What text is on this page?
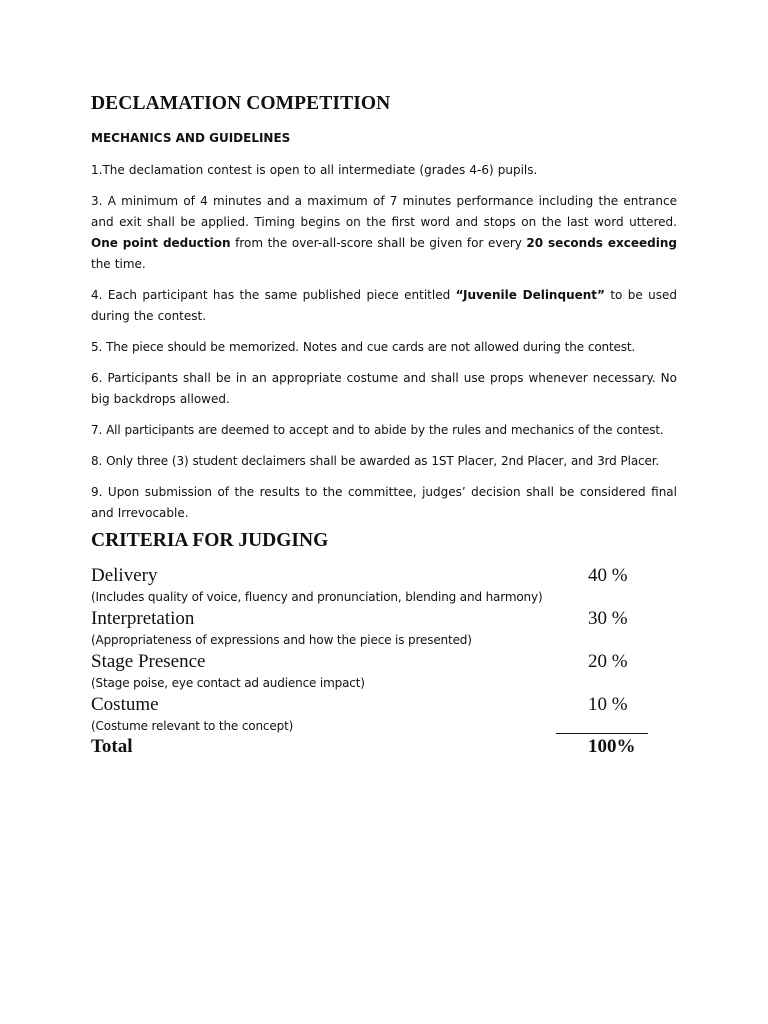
DECLAMATION COMPETITION
MECHANICS AND GUIDELINES

1.The declamation contest is open to all intermediate (grades 4-6) pupils.

3. A minimum of 4 minutes and a maximum of 7 minutes performance including the entrance and exit shall be applied. Timing begins on the first word and stops on the last word uttered. One point deduction from the over-all-score shall be given for every 20 seconds exceeding the time.

4. Each participant has the same published piece entitled “Juvenile Delinquent” to be used during the contest.

5. The piece should be memorized. Notes and cue cards are not allowed during the contest.

6. Participants shall be in an appropriate costume and shall use props whenever necessary. No big backdrops allowed.

7. All participants are deemed to accept and to abide by the rules and mechanics of the contest.

8. Only three (3) student declaimers shall be awarded as 1ST Placer, 2nd Placer, and 3rd Placer.

9. Upon submission of the results to the committee, judges’ decision shall be considered final and Irrevocable.

CRITERIA FOR JUDGING
Delivery	40 %
(Includes quality of voice, fluency and pronunciation, blending and harmony)
Interpretation	30 %
(Appropriateness of expressions and how the piece is presented)
Stage Presence	20 %
(Stage poise, eye contact ad audience impact)
Costume	10 %
(Costume relevant to the concept)
Total	100%
